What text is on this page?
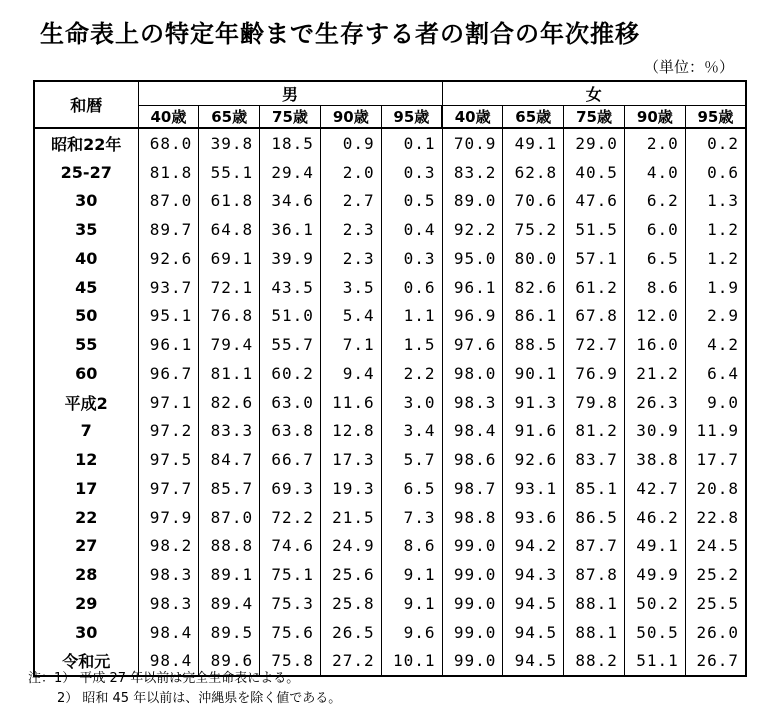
生命表上の特定年齢まで生存する者の割合の年次推移
（単位：％）
和暦	男					女				
	40歳	65歳	75歳	90歳	95歳	40歳	65歳	75歳	90歳	95歳
昭和22年	68.0	39.8	18.5	0.9	0.1	70.9	49.1	29.0	2.0	0.2
25-27	81.8	55.1	29.4	2.0	0.3	83.2	62.8	40.5	4.0	0.6
30	87.0	61.8	34.6	2.7	0.5	89.0	70.6	47.6	6.2	1.3
35	89.7	64.8	36.1	2.3	0.4	92.2	75.2	51.5	6.0	1.2
40	92.6	69.1	39.9	2.3	0.3	95.0	80.0	57.1	6.5	1.2
45	93.7	72.1	43.5	3.5	0.6	96.1	82.6	61.2	8.6	1.9
50	95.1	76.8	51.0	5.4	1.1	96.9	86.1	67.8	12.0	2.9
55	96.1	79.4	55.7	7.1	1.5	97.6	88.5	72.7	16.0	4.2
60	96.7	81.1	60.2	9.4	2.2	98.0	90.1	76.9	21.2	6.4
平成2	97.1	82.6	63.0	11.6	3.0	98.3	91.3	79.8	26.3	9.0
7	97.2	83.3	63.8	12.8	3.4	98.4	91.6	81.2	30.9	11.9
12	97.5	84.7	66.7	17.3	5.7	98.6	92.6	83.7	38.8	17.7
17	97.7	85.7	69.3	19.3	6.5	98.7	93.1	85.1	42.7	20.8
22	97.9	87.0	72.2	21.5	7.3	98.8	93.6	86.5	46.2	22.8
27	98.2	88.8	74.6	24.9	8.6	99.0	94.2	87.7	49.1	24.5
28	98.3	89.1	75.1	25.6	9.1	99.0	94.3	87.8	49.9	25.2
29	98.3	89.4	75.3	25.8	9.1	99.0	94.5	88.1	50.2	25.5
30	98.4	89.5	75.6	26.5	9.6	99.0	94.5	88.1	50.5	26.0
令和元	98.4	89.6	75.8	27.2	10.1	99.0	94.5	88.2	51.1	26.7
注：1） 平成 27 年以前は完全生命表による。
2） 昭和 45 年以前は、沖縄県を除く値である。
